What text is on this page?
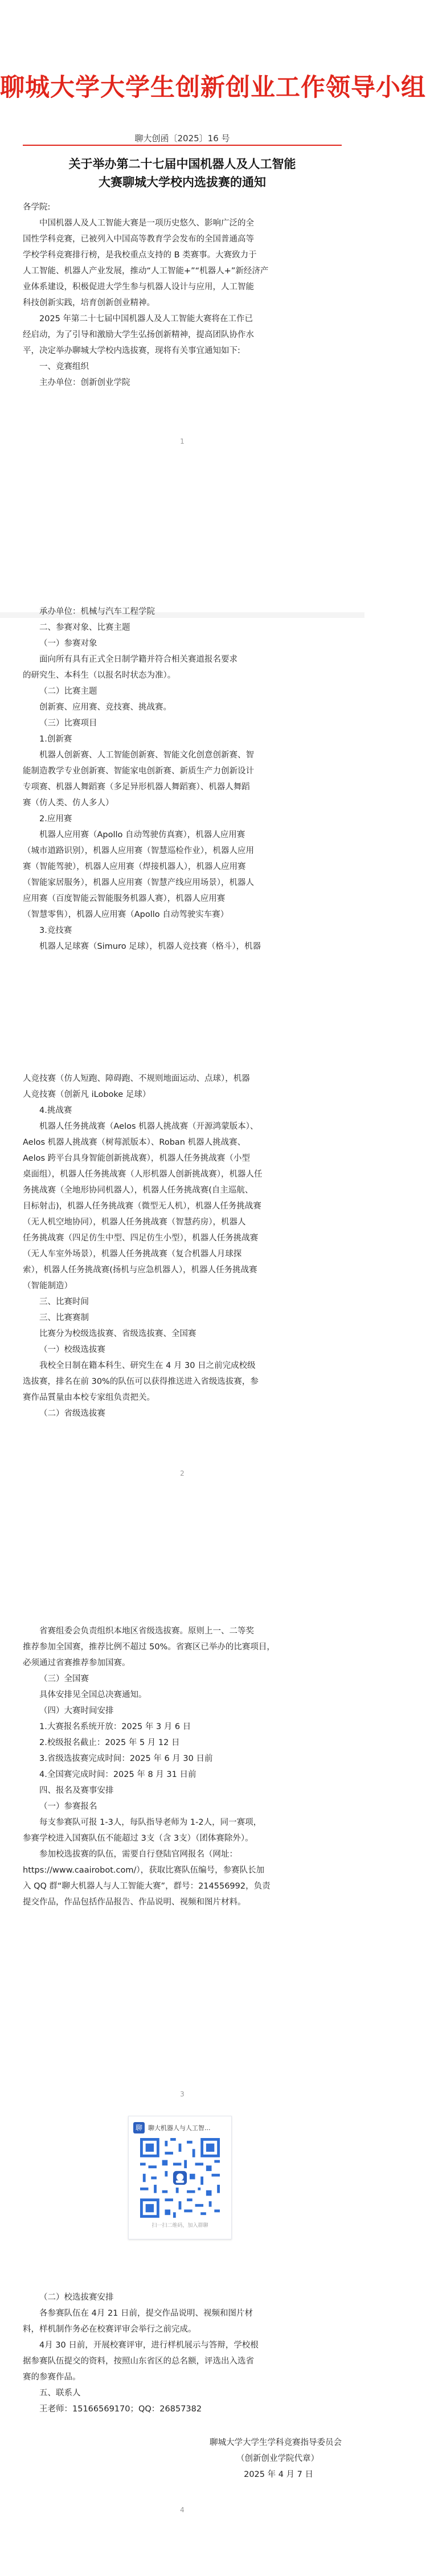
聊城大学大学生创新创业工作领导小组
聊大创函〔2025〕16 号
关于举办第二十七届中国机器人及人工智能
大赛聊城大学校内选拔赛的通知

各学院:

中国机器人及人工智能大赛是一项历史悠久、影响广泛的全

国性学科竞赛，已被列入中国高等教育学会发布的全国普通高等

学校学科竞赛排行榜，是我校重点支持的 B 类赛事。大赛致力于

人工智能、机器人产业发展，推动“人工智能+”“机器人+”新经济产

业体系建设，积极促进大学生参与机器人设计与应用，人工智能

科技创新实践，培育创新创业精神。

2025 年第二十七届中国机器人及人工智能大赛将在工作已

经启动，为了引导和激励大学生弘扬创新精神，提高团队协作水

平，决定举办聊城大学校内选拔赛，现将有关事宜通知如下:

一、竞赛组织

主办单位：创新创业学院

1

承办单位：机械与汽车工程学院

二、参赛对象、比赛主题

（一）参赛对象

面向所有具有正式全日制学籍并符合相关赛道报名要求

的研究生、本科生（以报名时状态为准）。

（二）比赛主题

创新赛、应用赛、竞技赛、挑战赛。

（三）比赛项目

1.创新赛

机器人创新赛、人工智能创新赛、智能文化创意创新赛、智

能制造教学专业创新赛、智能家电创新赛、新质生产力创新设计

专项赛、机器人舞蹈赛（多足异形机器人舞蹈赛）、机器人舞蹈

赛（仿人类、仿人多人）

2.应用赛

机器人应用赛（Apollo 自动驾驶仿真赛），机器人应用赛

（城市道路识别），机器人应用赛（智慧巡检作业），机器人应用

赛（智能驾驶），机器人应用赛（焊接机器人），机器人应用赛

（智能家居服务），机器人应用赛（智慧产线应用场景），机器人

应用赛（百度智能云智能服务机器人赛），机器人应用赛

（智慧零售），机器人应用赛（Apollo 自动驾驶实车赛）

3.竞技赛

机器人足球赛（Simuro 足球），机器人竞技赛（格斗），机器

人竞技赛（仿人短跑、障碍跑、不规则地面运动、点球），机器

人竞技赛（创新凡 iLoboke 足球）

4.挑战赛

机器人任务挑战赛（Aelos 机器人挑战赛（开源鸿蒙版本）、

Aelos 机器人挑战赛（树莓派版本）、Roban 机器人挑战赛、

Aelos 跨平台具身智能创新挑战赛），机器人任务挑战赛（小型

桌面组），机器人任务挑战赛（人形机器人创新挑战赛），机器人任

务挑战赛（全地形协同机器人），机器人任务挑战赛(自主巡航、

目标射击)，机器人任务挑战赛（微型无人机），机器人任务挑战赛

（无人机空地协同），机器人任务挑战赛（智慧药房），机器人

任务挑战赛（四足仿生中型、四足仿生小型），机器人任务挑战赛

（无人车室外场景），机器人任务挑战赛（复合机器人月球探

索），机器人任务挑战赛(扬机与应急机器人），机器人任务挑战赛

（智能制造）

三、比赛时间

三、比赛赛制

比赛分为校级选拔赛、省级选拔赛、全国赛

（一）校级选拔赛

我校全日制在籍本科生、研究生在 4 月 30 日之前完成校级

选拔赛，排名在前 30%的队伍可以获得推送进入省级选拔赛，参

赛作品質量由本校专家组负责把关。

（二）省级选拔赛

2

省赛组委会负责组织本地区省级选拔赛。原则上一、二等奖

推荐参加全国赛，推荐比例不超过 50%。省赛区已举办的比赛项目，

必须通过省赛推荐参加国赛。

（三）全国赛

具体安排见全国总决赛通知。

（四）大赛时间安排

1.大赛报名系统开放：2025 年 3 月 6 日

2.校级报名截止：2025 年 5 月 12 日

3.省级选拔赛完成时间：2025 年 6 月 30 日前

4.全国赛完成时间：2025 年 8 月 31 日前

四、报名及赛事安排

（一）参赛报名

每支参赛队可报 1-3人，每队指导老师为 1-2人，同一赛项，

参赛学校进入国赛队伍不能超过 3支（含 3支）（团体赛除外）。

参加校选拔赛的队伍，需要自行登陆官网报名（网址：

https://www.caairobot.com/），获取比赛队伍编号，参赛队长加

入 QQ 群“聊大机器人与人工智能大赛”，群号：214556992，负责

提交作品，作品包括作品报告、作品说明、视频和图片材料。

3
聊 聊大机器人与人工智...
扫一扫二维码，加入群聊

（二）校选拔赛安排

各参赛队伍在 4月 21 日前，提交作品说明、视频和图片材

料，样机制作务必在校赛评审会举行之前完成。

4月 30 日前，开展校赛评审，进行样机展示与答辩，学校根

据参赛队伍提交的资料，按照山东省区的总名额，评选出入选省

赛的参赛作品。

五、联系人

王老师：15166569170；QQ：26857382

聊城大学大学生学科竞赛指导委员会

（创新创业学院代章）

2025 年 4 月 7 日

4
